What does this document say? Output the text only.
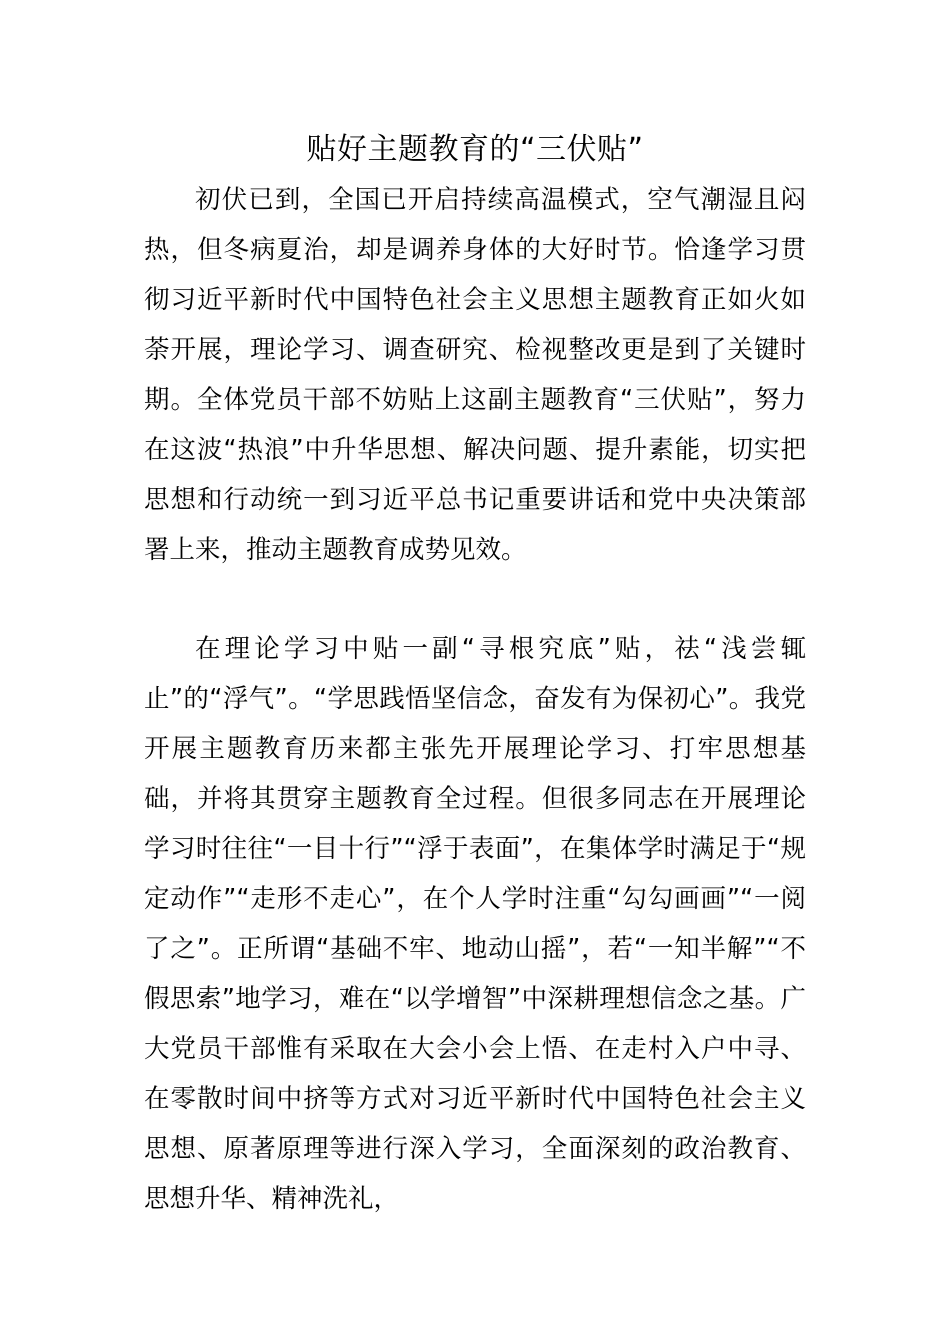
贴好主题教育的“三伏贴”

初伏已到，全国已开启持续高温模式，空气潮湿且闷热，但冬病夏治，却是调养身体的大好时节。恰逢学习贯彻习近平新时代中国特色社会主义思想主题教育正如火如荼开展，理论学习、调查研究、检视整改更是到了关键时期。全体党员干部不妨贴上这副主题教育“三伏贴”，努力在这波“热浪”中升华思想、解决问题、提升素能，切实把思想和行动统一到习近平总书记重要讲话和党中央决策部署上来，推动主题教育成势见效。

在理论学习中贴一副“寻根究底”贴，祛“浅尝辄止”的“浮气”。“学思践悟坚信念，奋发有为保初心”。我党开展主题教育历来都主张先开展理论学习、打牢思想基础，并将其贯穿主题教育全过程。但很多同志在开展理论学习时往往“一目十行”“浮于表面”，在集体学时满足于“规定动作”“走形不走心”，在个人学时注重“勾勾画画”“一阅了之”。正所谓“基础不牢、地动山摇”，若“一知半解”“不假思索”地学习，难在“以学增智”中深耕理想信念之基。广大党员干部惟有采取在大会小会上悟、在走村入户中寻、在零散时间中挤等方式对习近平新时代中国特色社会主义思想、原著原理等进行深入学习，全面深刻的政治教育、思想升华、精神洗礼，
